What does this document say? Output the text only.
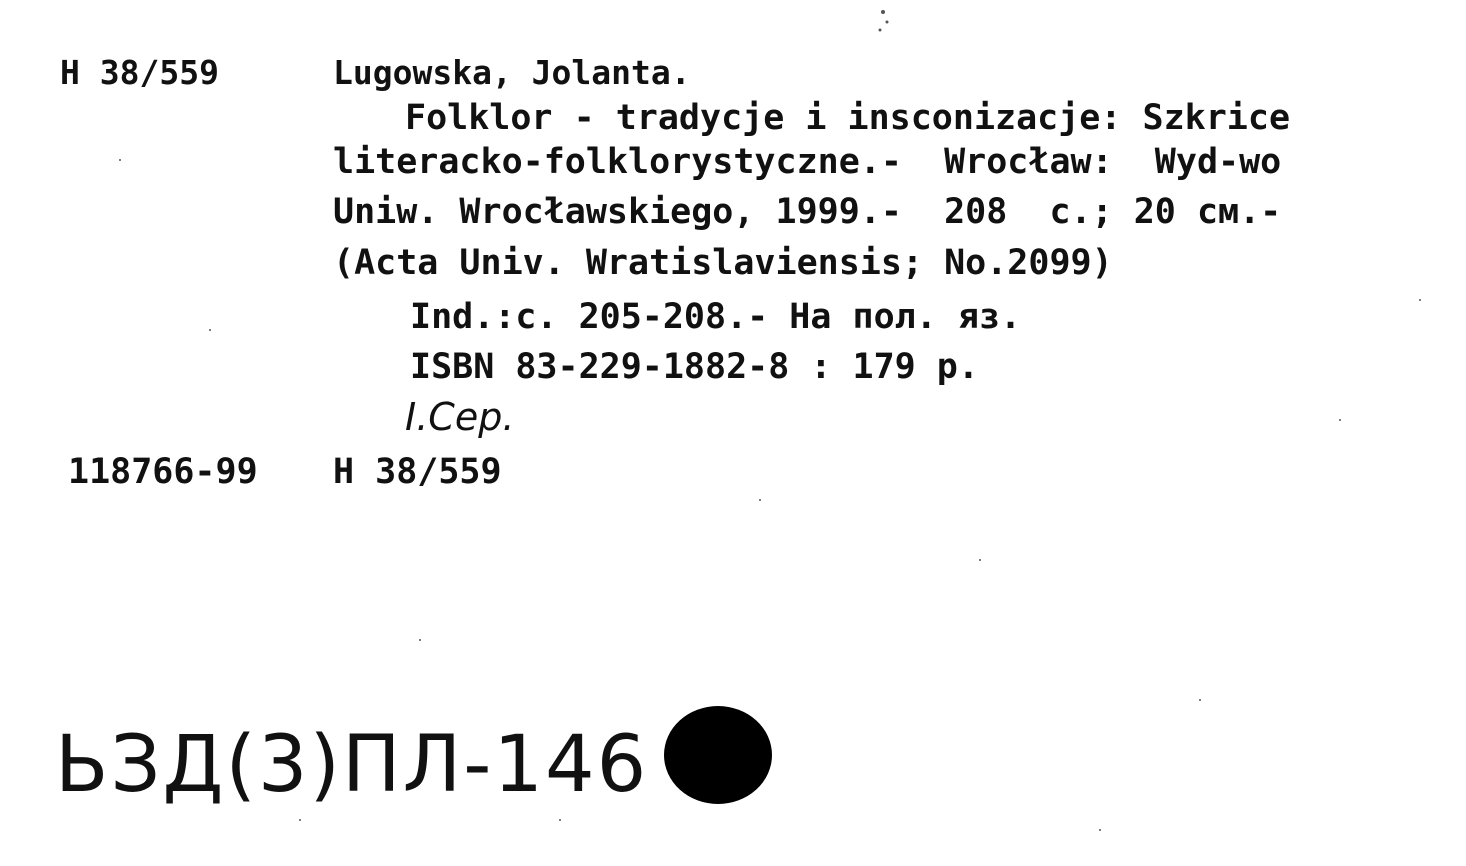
H 38/559	Lugowska, Jolanta.
Folklor - tradycje i insconizacje: Szkrice
literacko-folklorystyczne.-  Wrocław:  Wyd-wo
Uniw. Wrocławskiego, 1999.-  208  с.; 20 см.-
(Acta Univ. Wratislaviensis; No.2099)
Ind.:c. 205-208.- На пол. яз.
ISBN 83-229-1882-8 : 179 р.
I.Сер.
118766-99 H 38/559
ЬЗД(3)ПЛ-146
